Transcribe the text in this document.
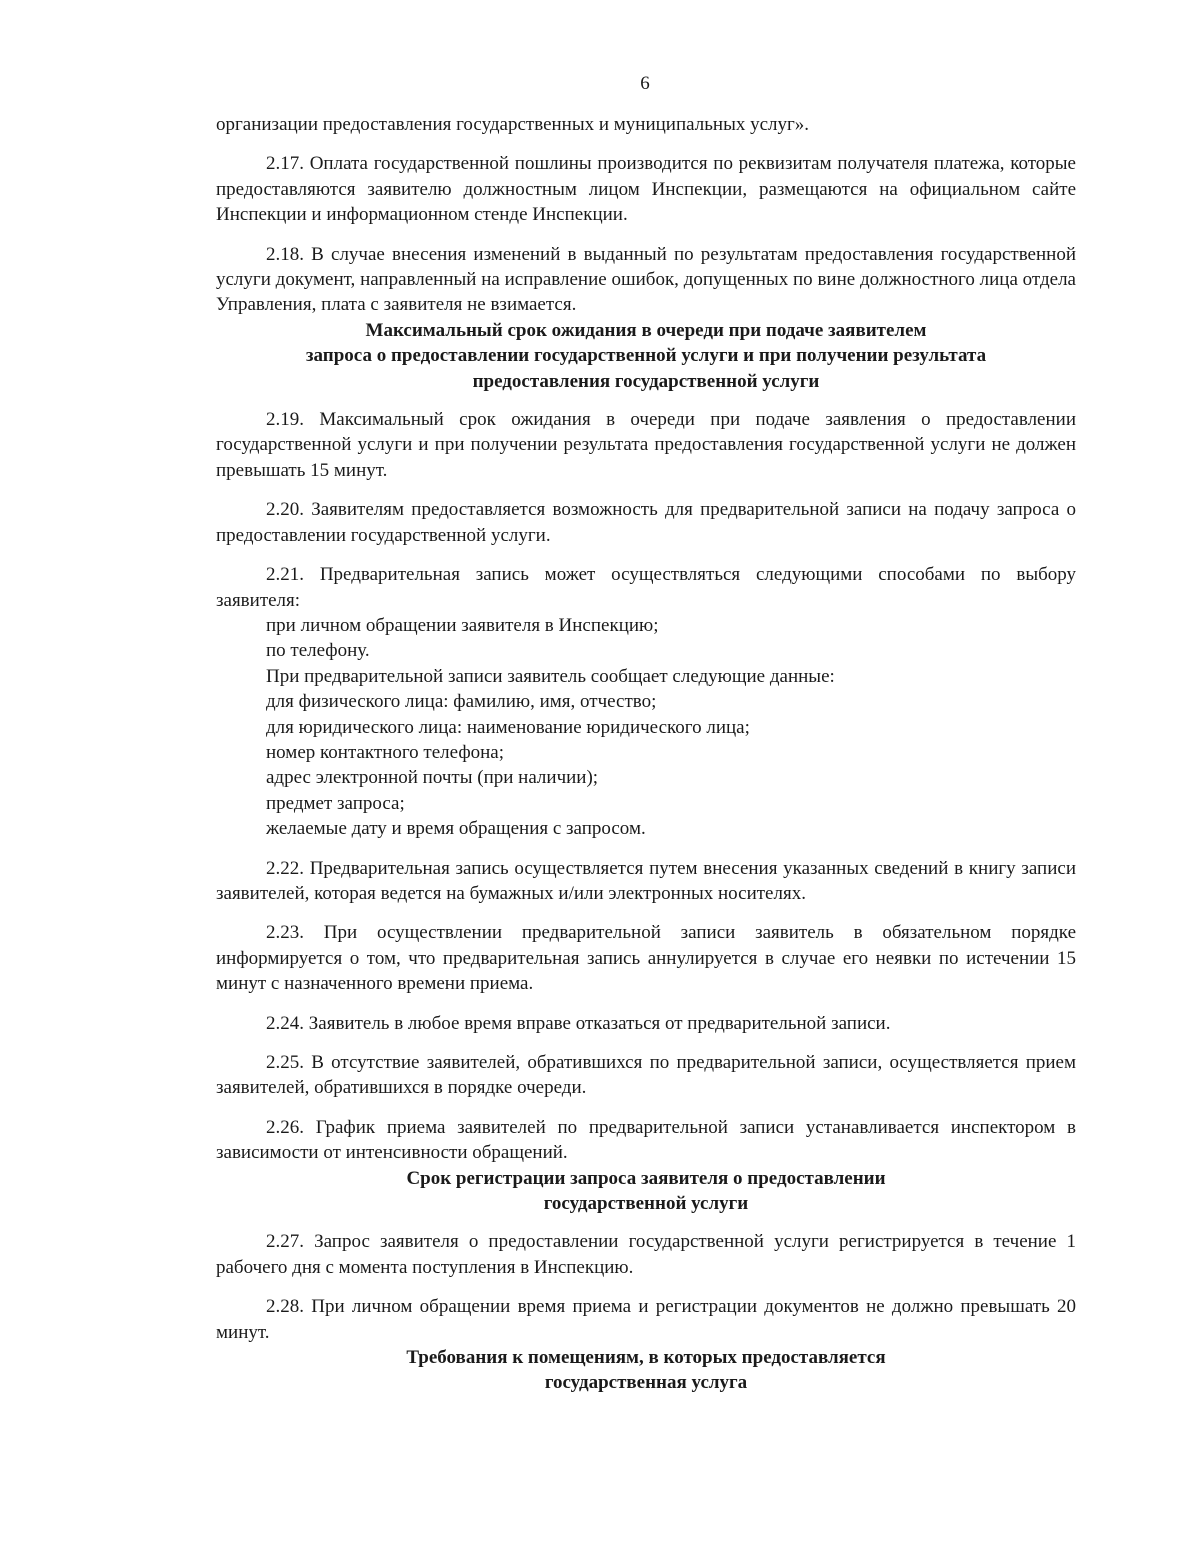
6

организации предоставления государственных и муниципальных услуг».

2.17. Оплата государственной пошлины производится по реквизитам получателя платежа, которые предоставляются заявителю должностным лицом Инспекции, размещаются на официальном сайте Инспекции и информационном стенде Инспекции.

2.18. В случае внесения изменений в выданный по результатам предоставления государственной услуги документ, направленный на исправление ошибок, допущенных по вине должностного лица отдела Управления, плата с заявителя не взимается.

Максимальный срок ожидания в очереди при подаче заявителем
запроса о предоставлении государственной услуги и при получении результата
предоставления государственной услуги

2.19. Максимальный срок ожидания в очереди при подаче заявления о предоставлении государственной услуги и при получении результата предоставления государственной услуги не должен превышать 15 минут.

2.20. Заявителям предоставляется возможность для предварительной записи на подачу запроса о предоставлении государственной услуги.

2.21. Предварительная запись может осуществляться следующими способами по выбору заявителя:

при личном обращении заявителя в Инспекцию;

по телефону.

При предварительной записи заявитель сообщает следующие данные:

для физического лица: фамилию, имя, отчество;

для юридического лица: наименование юридического лица;

номер контактного телефона;

адрес электронной почты (при наличии);

предмет запроса;

желаемые дату и время обращения с запросом.

2.22. Предварительная запись осуществляется путем внесения указанных сведений в книгу записи заявителей, которая ведется на бумажных и/или электронных носителях.

2.23. При осуществлении предварительной записи заявитель в обязательном порядке информируется о том, что предварительная запись аннулируется в случае его неявки по истечении 15 минут с назначенного времени приема.

2.24. Заявитель в любое время вправе отказаться от предварительной записи.

2.25. В отсутствие заявителей, обратившихся по предварительной записи, осуществляется прием заявителей, обратившихся в порядке очереди.

2.26. График приема заявителей по предварительной записи устанавливается инспектором в зависимости от интенсивности обращений.

Срок регистрации запроса заявителя о предоставлении
государственной услуги

2.27. Запрос заявителя о предоставлении государственной услуги регистрируется в течение 1 рабочего дня с момента поступления в Инспекцию.

2.28. При личном обращении время приема и регистрации документов не должно превышать 20 минут.

Требования к помещениям, в которых предоставляется
государственная услуга
